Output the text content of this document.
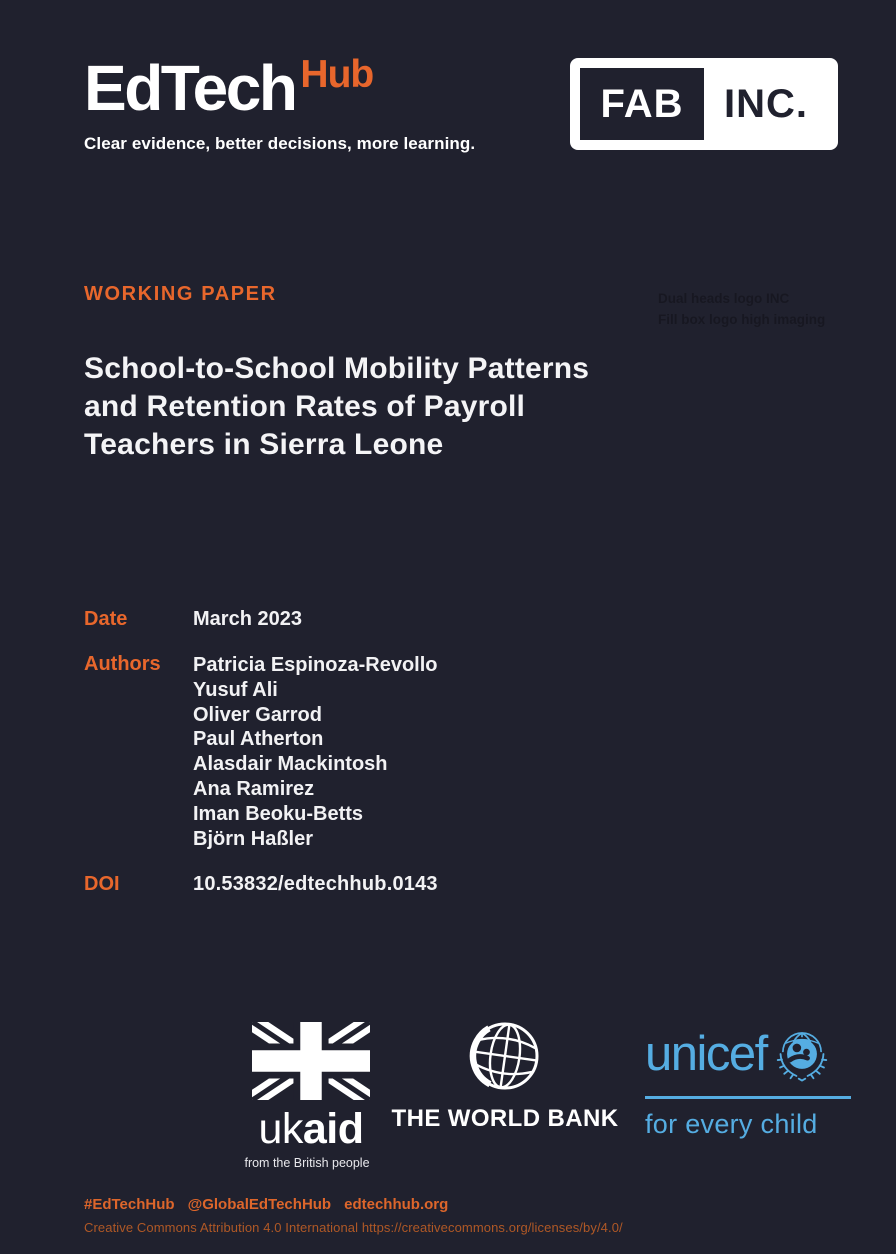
EdTech Hub
Clear evidence, better decisions, more learning.
FAB	INC.
WORKING PAPER	Dual heads logo INC
Fill box logo high imaging
School-to-School Mobility Patterns
and Retention Rates of Payroll
Teachers in Sierra Leone
Date	March 2023
Authors	Patricia Espinoza-Revollo
Yusuf Ali
Oliver Garrod
Paul Atherton
Alasdair Mackintosh
Ana Ramirez
Iman Beoku-Betts
Björn Haßler
DOI	10.53832/edtechhub.0143
ukaid
from the British people
THE WORLD BANK
unicef
for every child
#EdTechHub @GlobalEdTechHub edtechhub.org
Creative Commons Attribution 4.0 International https://creativecommons.org/licenses/by/4.0/
